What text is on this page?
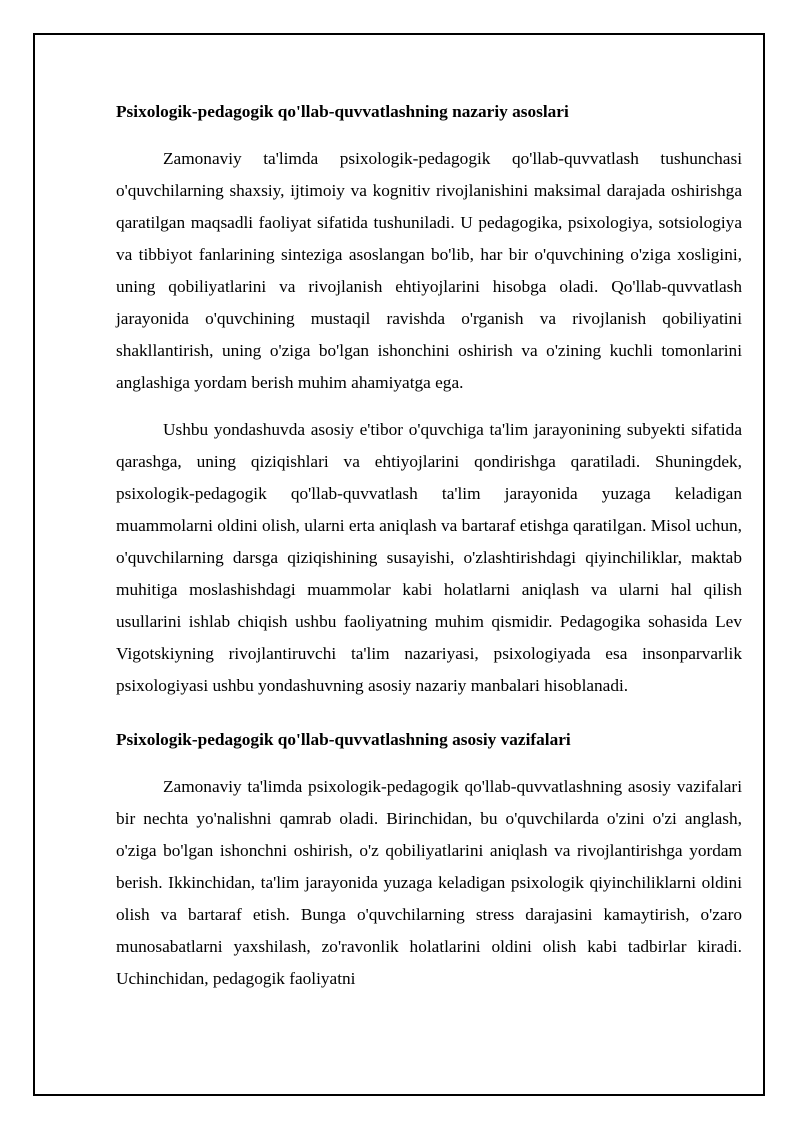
Psixologik-pedagogik qo'llab-quvvatlashning nazariy asoslari

Zamonaviy ta'limda psixologik-pedagogik qo'llab-quvvatlash tushunchasi o'quvchilarning shaxsiy, ijtimoiy va kognitiv rivojlanishini maksimal darajada oshirishga qaratilgan maqsadli faoliyat sifatida tushuniladi. U pedagogika, psixologiya, sotsiologiya va tibbiyot fanlarining sinteziga asoslangan bo'lib, har bir o'quvchining o'ziga xosligini, uning qobiliyatlarini va rivojlanish ehtiyojlarini hisobga oladi. Qo'llab-quvvatlash jarayonida o'quvchining mustaqil ravishda o'rganish va rivojlanish qobiliyatini shakllantirish, uning o'ziga bo'lgan ishonchini oshirish va o'zining kuchli tomonlarini anglashiga yordam berish muhim ahamiyatga ega.

Ushbu yondashuvda asosiy e'tibor o'quvchiga ta'lim jarayonining subyekti sifatida qarashga, uning qiziqishlari va ehtiyojlarini qondirishga qaratiladi. Shuningdek, psixologik-pedagogik qo'llab-quvvatlash ta'lim jarayonida yuzaga keladigan muammolarni oldini olish, ularni erta aniqlash va bartaraf etishga qaratilgan. Misol uchun, o'quvchilarning darsga qiziqishining susayishi, o'zlashtirishdagi qiyinchiliklar, maktab muhitiga moslashishdagi muammolar kabi holatlarni aniqlash va ularni hal qilish usullarini ishlab chiqish ushbu faoliyatning muhim qismidir. Pedagogika sohasida Lev Vigotskiyning rivojlantiruvchi ta'lim nazariyasi, psixologiyada esa insonparvarlik psixologiyasi ushbu yondashuvning asosiy nazariy manbalari hisoblanadi.

Psixologik-pedagogik qo'llab-quvvatlashning asosiy vazifalari

Zamonaviy ta'limda psixologik-pedagogik qo'llab-quvvatlashning asosiy vazifalari bir nechta yo'nalishni qamrab oladi. Birinchidan, bu o'quvchilarda o'zini o'zi anglash, o'ziga bo'lgan ishonchni oshirish, o'z qobiliyatlarini aniqlash va rivojlantirishga yordam berish. Ikkinchidan, ta'lim jarayonida yuzaga keladigan psixologik qiyinchiliklarni oldini olish va bartaraf etish. Bunga o'quvchilarning stress darajasini kamaytirish, o'zaro munosabatlarni yaxshilash, zo'ravonlik holatlarini oldini olish kabi tadbirlar kiradi. Uchinchidan, pedagogik faoliyatni
